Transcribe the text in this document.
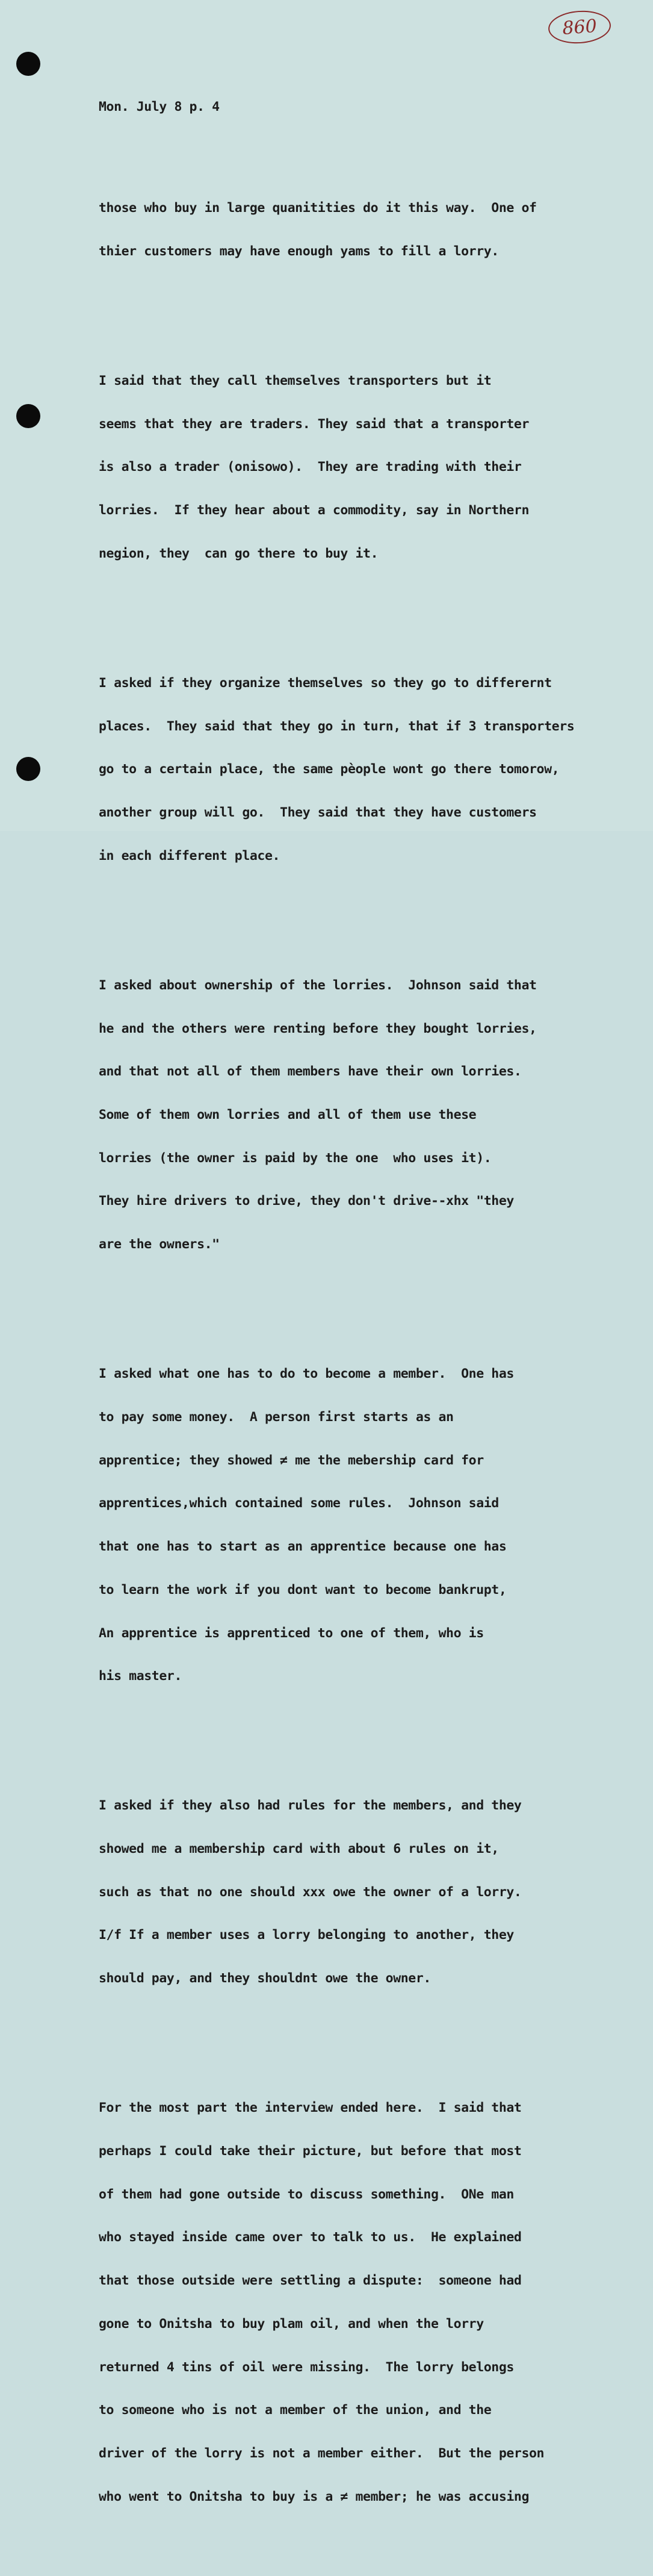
860

Mon. July 8 p. 4

those who buy in large quanitities do it this way.  One of

thier customers may have enough yams to fill a lorry.

I said that they call themselves transporters but it

seems that they are traders. They said that a transporter

is also a trader (onisowo).  They are trading with their

lorries.  If they hear about a commodity, say in Northern

negion, they  can go there to buy it.

I asked if they organize themselves so they go to differernt

places.  They said that they go in turn, that if 3 transporters

go to a certain place, the same pèople wont go there tomorow,

another group will go.  They said that they have customers

in each different place.

I asked about ownership of the lorries.  Johnson said that

he and the others were renting before they bought lorries,

and that not all of them members have their own lorries.

Some of them own lorries and all of them use these

lorries (the owner is paid by the one  who uses it).

They hire drivers to drive, they don't drive--xhx "they

are the owners."

I asked what one has to do to become a member.  One has

to pay some money.  A person first starts as an

apprentice; they showed ≠ me the mebership card for

apprentices,which contained some rules.  Johnson said

that one has to start as an apprentice because one has

to learn the work if you dont want to become bankrupt,

An apprentice is apprenticed to one of them, who is

his master.

I asked if they also had rules for the members, and they

showed me a membership card with about 6 rules on it,

such as that no one should xxx owe the owner of a lorry.

I/f If a member uses a lorry belonging to another, they

should pay, and they shouldnt owe the owner.

For the most part the interview ended here.  I said that

perhaps I could take their picture, but before that most

of them had gone outside to discuss something.  ONe man

who stayed inside came over to talk to us.  He explained

that those outside were settling a dispute:  someone had

gone to Onitsha to buy plam oil, and when the lorry

returned 4 tins of oil were missing.  The lorry belongs

to someone who is not a member of the union, and the

driver of the lorry is not a member either.  But the person

who went to Onitsha to buy is a ≠ member; he was accusing
